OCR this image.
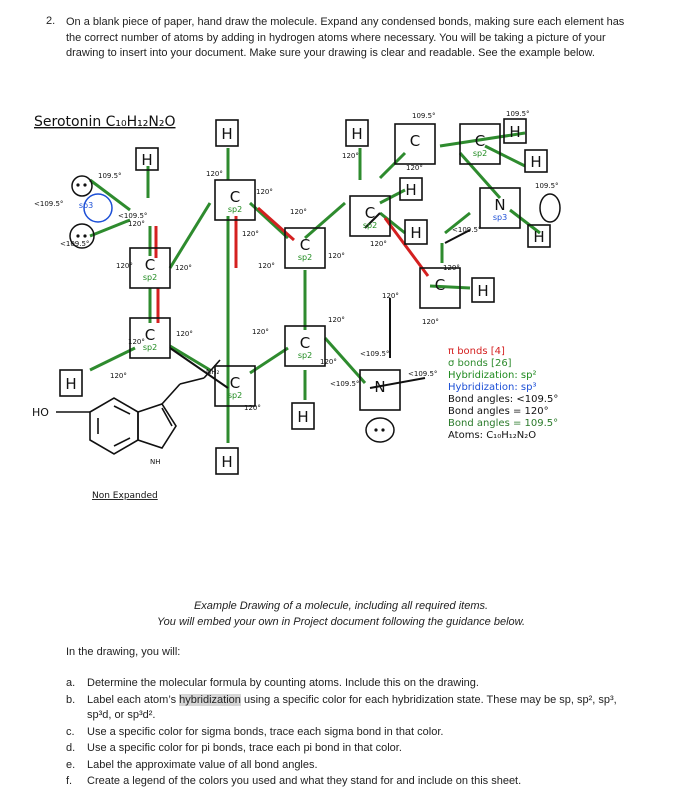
2. On a blank piece of paper, hand draw the molecule. Expand any condensed bonds, making sure each element has the correct number of atoms by adding in hydrogen atoms where necessary. You will be taking a picture of your drawing to insert into your document. Make sure your drawing is clear and readable. See the example below.
Serotonin C₁₀H₁₂N₂O
H
H	H	H
H
H
H	H
H
H
H
H
C	C
C
C
C
C
C
C	C
C	N
N
sp3
sp2
sp2
sp2
sp2
sp2
sp2
sp2
sp2
sp3
109.5°
<109.5°
<109.5°
<109.5°
120°
120°	120°
120°
120°
120°
120°
120°
120°
120°
120°
120°
120°
120°
120°
120°
120°
120°	120°
120°
120°
120°
109.5°	109.5°
109.5°
<109.5°
<109.5°
<109.5°
<109.5°
HO
NH
NH₂
Non Expanded
π bonds [4]
σ bonds [26]
Hybridization: sp²
Hybridization: sp³
Bond angles: <109.5°
Bond angles = 120°
Bond angles = 109.5°
Atoms: C₁₀H₁₂N₂O
Example Drawing of a molecule, including all required items.
You will embed your own in Project document following the guidance below.
In the drawing, you will:
a. Determine the molecular formula by counting atoms. Include this on the drawing.
b. Label each atom’s hybridization using a specific color for each hybridization state. These may be sp, sp², sp³, sp³d, or sp³d².
c. Use a specific color for sigma bonds, trace each sigma bond in that color.
d. Use a specific color for pi bonds, trace each pi bond in that color.
e. Label the approximate value of all bond angles.
f. Create a legend of the colors you used and what they stand for and include on this sheet.
